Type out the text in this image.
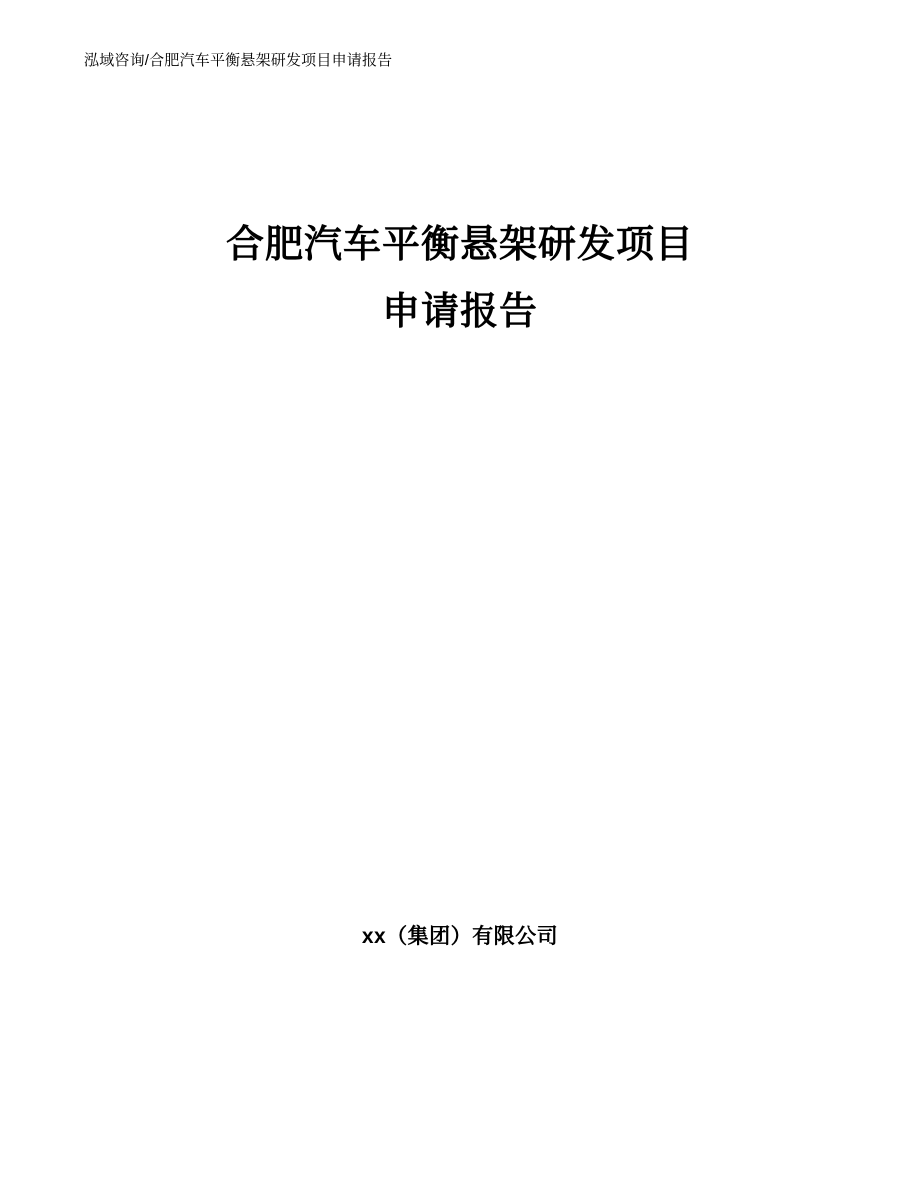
泓域咨询/合肥汽车平衡悬架研发项目申请报告
合肥汽车平衡悬架研发项目
申请报告
xx（集团）有限公司
